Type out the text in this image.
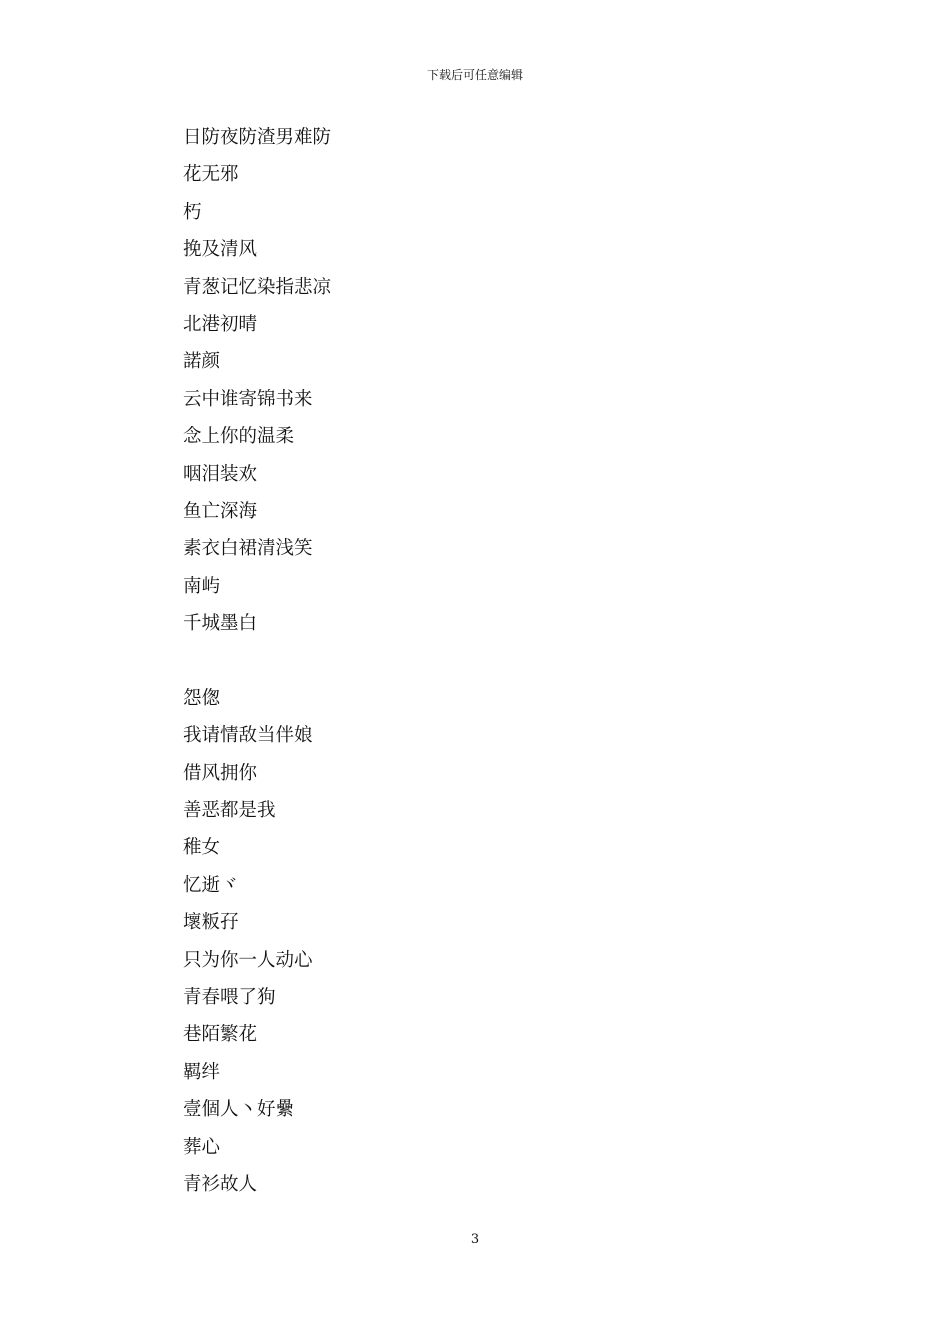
下载后可任意编辑
日防夜防渣男难防
花无邪
朽
挽及清风
青葱记忆染指悲凉
北港初晴
諾颜
云中谁寄锦书来
念上你的温柔
咽泪装欢
鱼亡深海
素衣白裙清浅笑
南屿
千城墨白
怨偬
我请情敌当伴娘
借风拥你
善恶都是我
稚女
忆逝ヾ
壞粄孖
只为你一人动心
青春喂了狗
巷陌繁花
羁绊
壹個人丶好纍
葬心
青衫故人
3
